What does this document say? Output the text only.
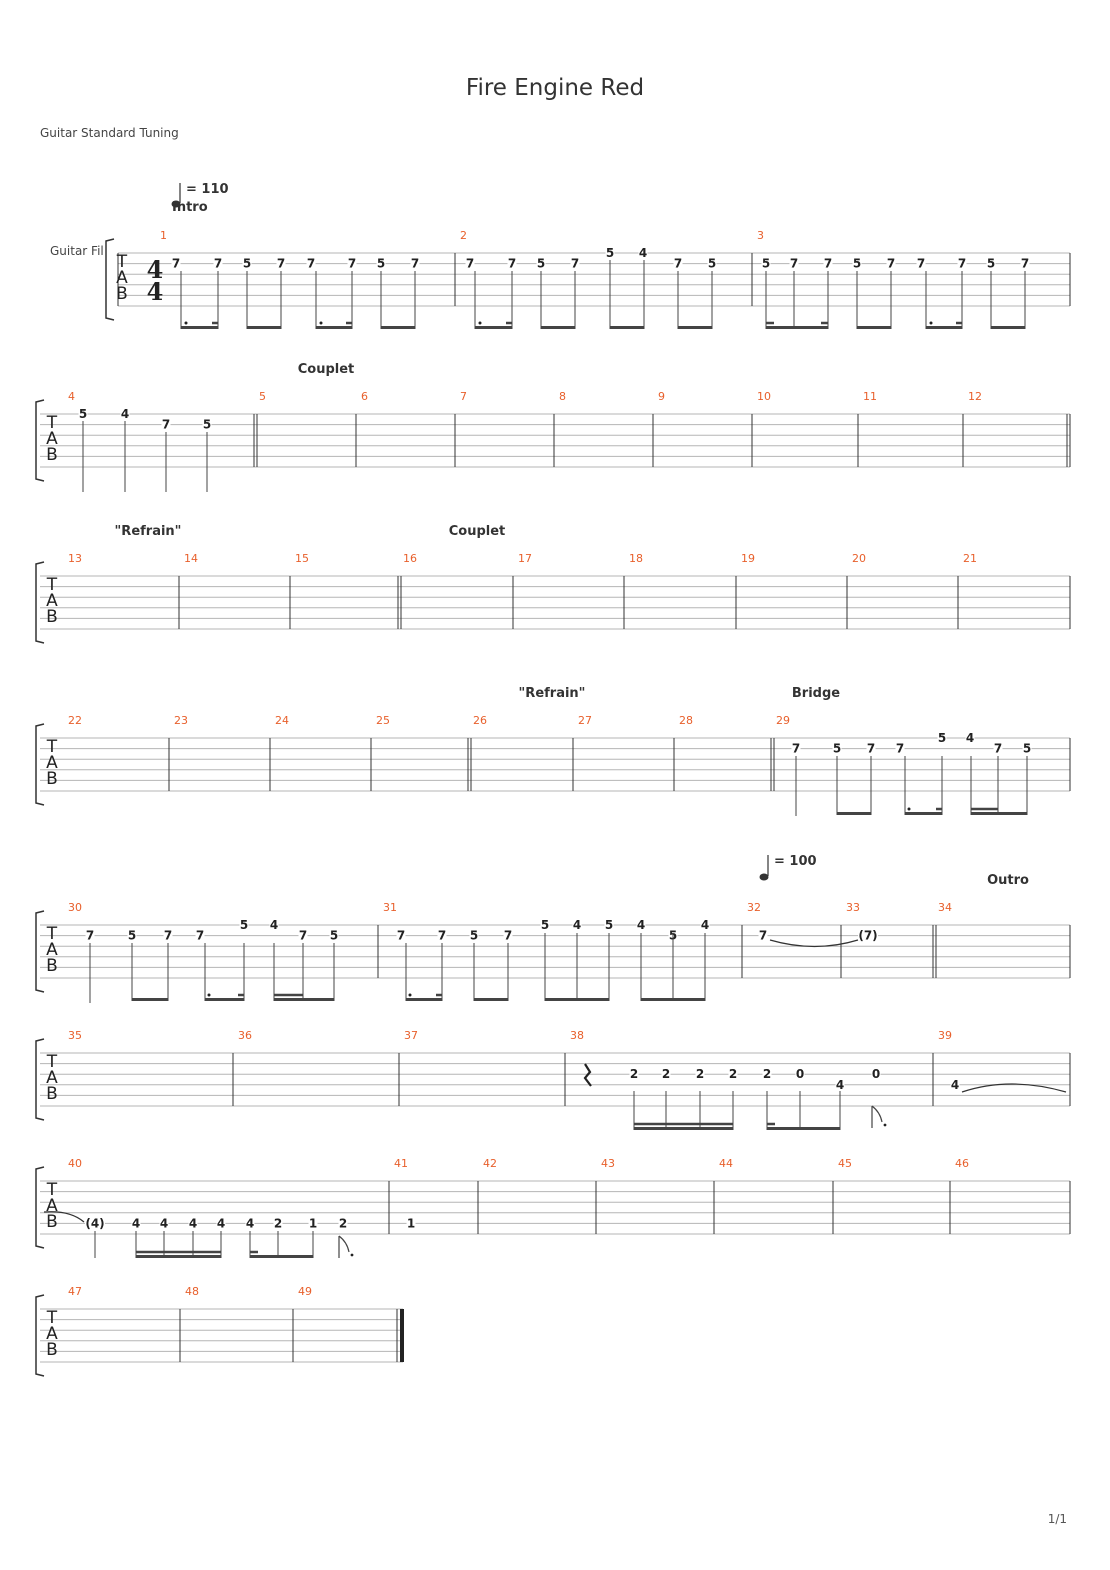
Fire Engine Red
Guitar Standard Tuning
= 110
Intro
Guitar Fil
T
A
B
1	2	3
T
A
B
4	5	6	7	8	9	10	11	12
T
A
B
13	14	15	16	17	18	19	20	21
T
A
B
22	23	24	25	26	27	28	29
T
A
B
30	31	32	33	34
T
A
B
35	36	37	38	39
T
A
B
40	41	42	43	44	45	46
T
A
B
47	48	49
7	7 5 7 7	7 5 7	7	7 5 7
5 4
7 5	5 7 7 5 7 7	7 5 7
5	4
7	5
7	5 7 7
5 4
7 5
7	5 7 7
5 4
7 5	7	7 5 7
5 4 5 4
5
4
7	(7)
2 2 2 2 2 0
4
0
4
(4) 4 4 4 4 4 2 1 2	1
4
4
Couplet
"Refrain"	Couplet
"Refrain"	Bridge
Outro
= 100
1/1
